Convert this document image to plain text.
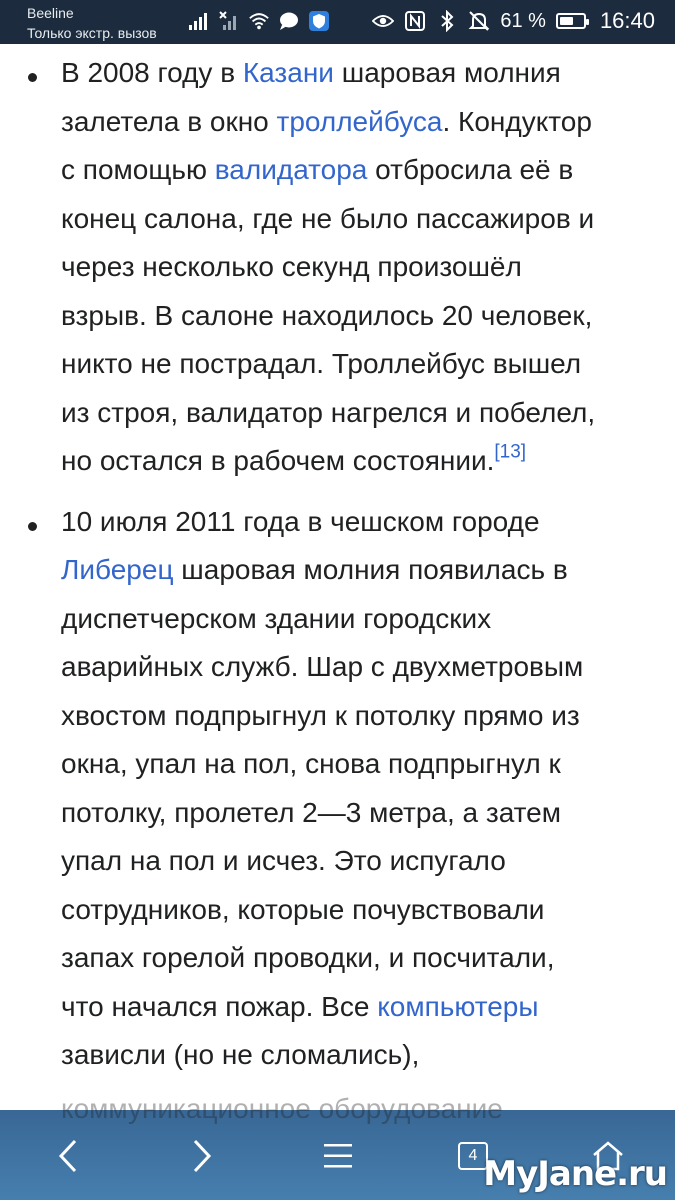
Beeline
Только экстр. вызов
61 % 16:40
В 2008 году в Казани шаровая молния
залетела в окно троллейбуса. Кондуктор
с помощью валидатора отбросила её в
конец салона, где не было пассажиров и
через несколько секунд произошёл
взрыв. В салоне находилось 20 человек,
никто не пострадал. Троллейбус вышел
из строя, валидатор нагрелся и побелел,
но остался в рабочем состоянии.[13]
10 июля 2011 года в чешском городе
Либерец шаровая молния появилась в
диспетчерском здании городских
аварийных служб. Шар с двухметровым
хвостом подпрыгнул к потолку прямо из
окна, упал на пол, снова подпрыгнул к
потолку, пролетел 2—3 метра, а затем
упал на пол и исчез. Это испугало
сотрудников, которые почувствовали
запах горелой проводки, и посчитали,
что начался пожар. Все компьютеры
зависли (но не сломались),
коммуникационное оборудование
4 MyJane.ru
